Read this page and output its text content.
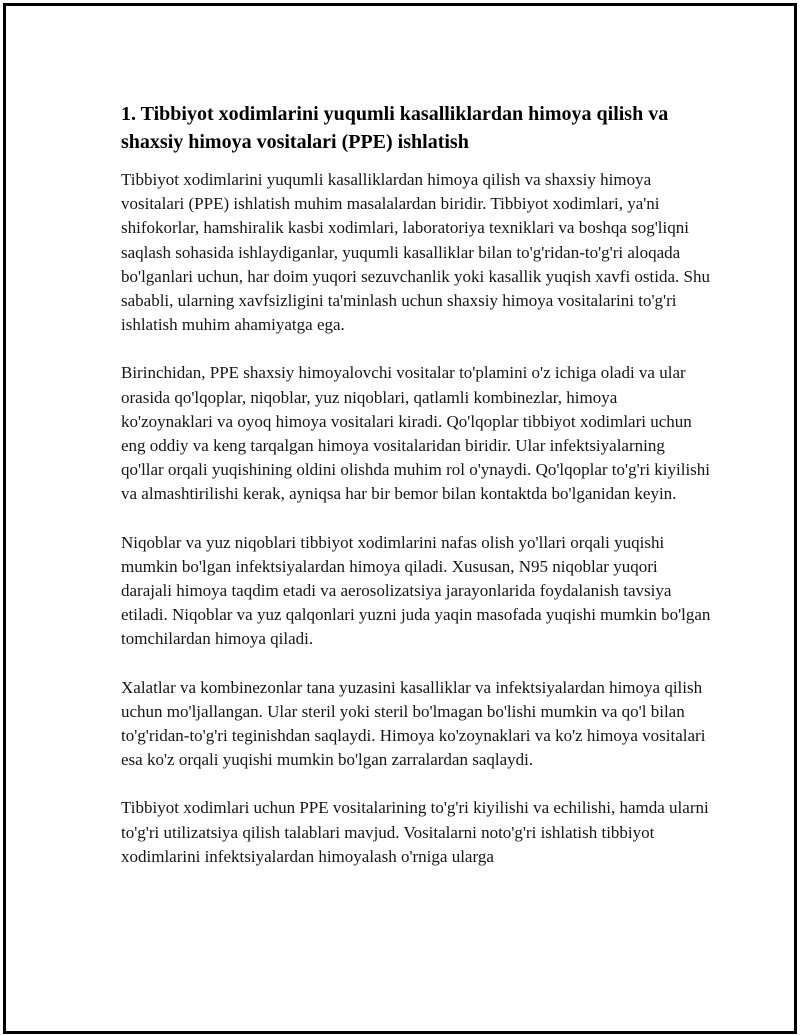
1. Tibbiyot xodimlarini yuqumli kasalliklardan himoya qilish va shaxsiy himoya vositalari (PPE) ishlatish

Tibbiyot xodimlarini yuqumli kasalliklardan himoya qilish va shaxsiy himoya vositalari (PPE) ishlatish muhim masalalardan biridir. Tibbiyot xodimlari, ya'ni shifokorlar, hamshiralik kasbi xodimlari, laboratoriya texniklari va boshqa sog'liqni saqlash sohasida ishlaydiganlar, yuqumli kasalliklar bilan to'g'ridan-to'g'ri aloqada bo'lganlari uchun, har doim yuqori sezuvchanlik yoki kasallik yuqish xavfi ostida. Shu sababli, ularning xavfsizligini ta'minlash uchun shaxsiy himoya vositalarini to'g'ri ishlatish muhim ahamiyatga ega.

Birinchidan, PPE shaxsiy himoyalovchi vositalar to'plamini o'z ichiga oladi va ular orasida qo'lqoplar, niqoblar, yuz niqoblari, qatlamli kombinezlar, himoya ko'zoynaklari va oyoq himoya vositalari kiradi. Qo'lqoplar tibbiyot xodimlari uchun eng oddiy va keng tarqalgan himoya vositalaridan biridir. Ular infektsiyalarning qo'llar orqali yuqishining oldini olishda muhim rol o'ynaydi. Qo'lqoplar to'g'ri kiyilishi va almashtirilishi kerak, ayniqsa har bir bemor bilan kontaktda bo'lganidan keyin.

Niqoblar va yuz niqoblari tibbiyot xodimlarini nafas olish yo'llari orqali yuqishi mumkin bo'lgan infektsiyalardan himoya qiladi. Xususan, N95 niqoblar yuqori darajali himoya taqdim etadi va aerosolizatsiya jarayonlarida foydalanish tavsiya etiladi. Niqoblar va yuz qalqonlari yuzni juda yaqin masofada yuqishi mumkin bo'lgan tomchilardan himoya qiladi.

Xalatlar va kombinezonlar tana yuzasini kasalliklar va infektsiyalardan himoya qilish uchun mo'ljallangan. Ular steril yoki steril bo'lmagan bo'lishi mumkin va qo'l bilan to'g'ridan-to'g'ri teginishdan saqlaydi. Himoya ko'zoynaklari va ko'z himoya vositalari esa ko'z orqali yuqishi mumkin bo'lgan zarralardan saqlaydi.

Tibbiyot xodimlari uchun PPE vositalarining to'g'ri kiyilishi va echilishi, hamda ularni to'g'ri utilizatsiya qilish talablari mavjud. Vositalarni noto'g'ri ishlatish tibbiyot xodimlarini infektsiyalardan himoyalash o'rniga ularga
